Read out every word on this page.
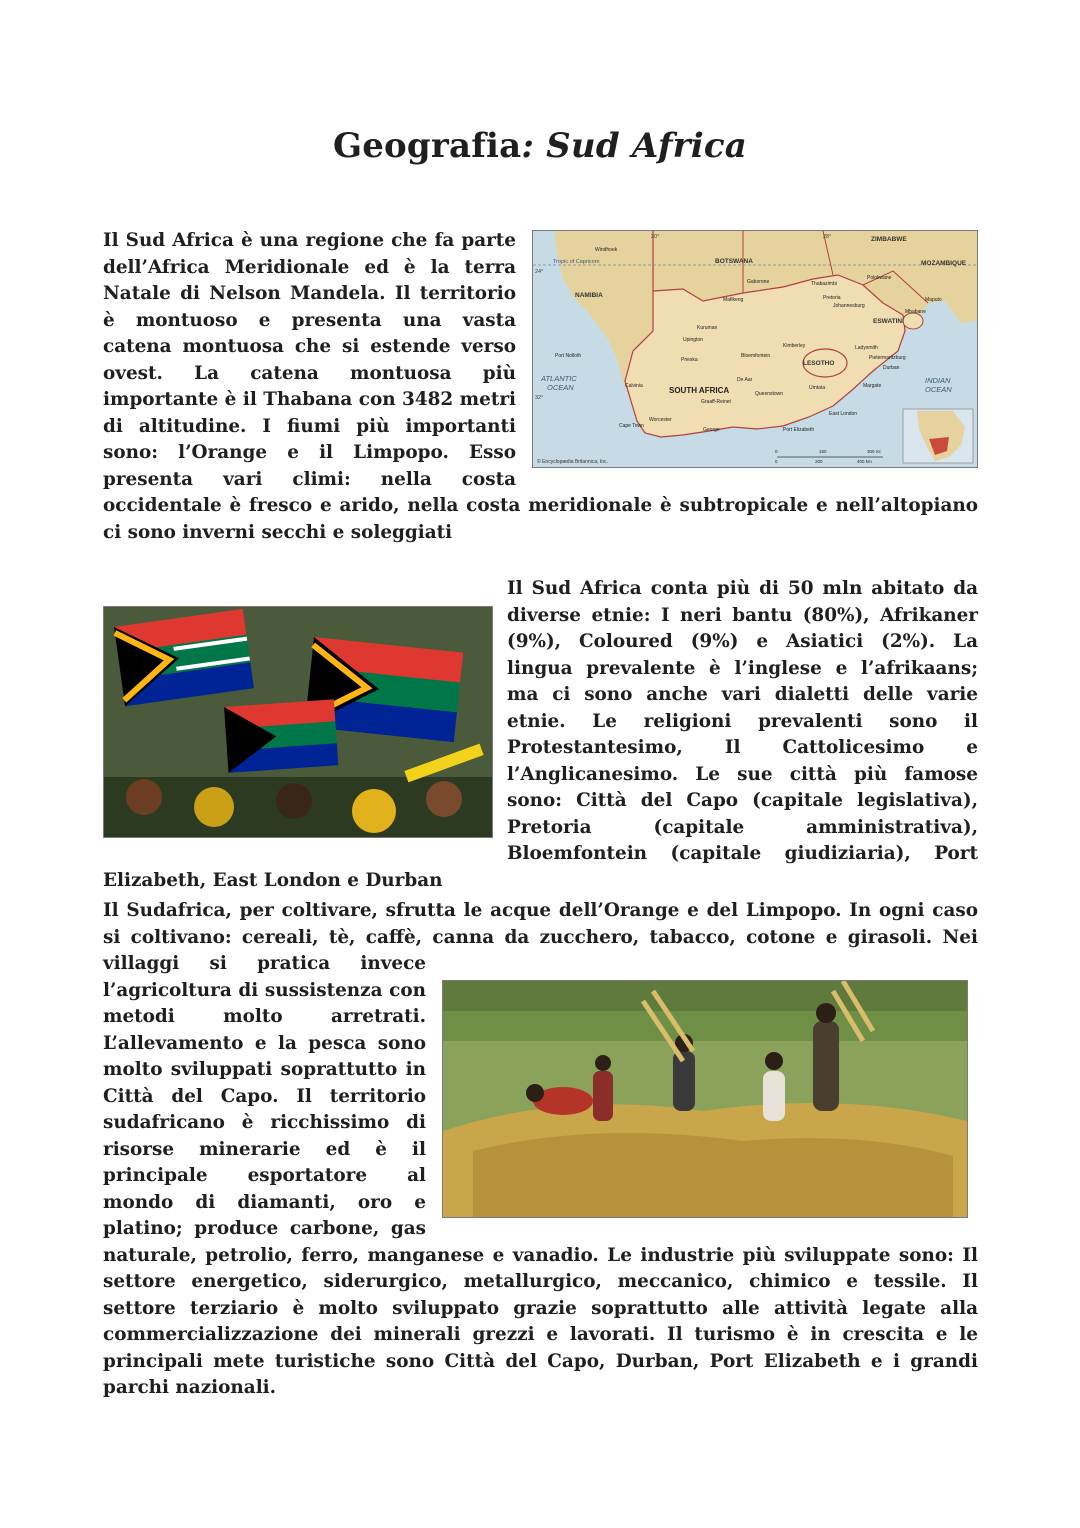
Geografia: Sud Africa
ZIMBABWE
BOTSWANA
NAMIBIA
MOZAMBIQUE
SOUTH AFRICA
LESOTHO
ESWATINI
ATLANTIC
OCEAN
INDIAN
OCEAN
Tropic of Capricorn
20°	28°
24°
32°
Windhoek
Gaborone
Pretoria
Johannesburg
Kimberley
Bloemfontein
Upington
Durban
Port Nolloth
Cape Town
Port Elizabeth
East London
Mafikeng
Polokwane
Maputo
Calvinia
George
De Aar
Margate
Kuruman
Pietermaritzburg
Ladysmith
Mbabane
Thabazimbi
Graaff-Reinet
Worcester
Prieska
Queenstown
Umtata
0	150	300 mi
0	200	400 km
© Encyclopædia Britannica, Inc.

Il Sud Africa è una regione che fa parte dell’Africa Meridionale ed è la terra Natale di Nelson Mandela. Il territorio è montuoso e presenta una vasta catena montuosa che si estende verso ovest. La catena montuosa più importante è il Thabana con 3482 metri di altitudine. I fiumi più importanti sono: l’Orange e il Limpopo. Esso presenta vari climi: nella costa occidentale è fresco e arido, nella costa meridionale è subtropicale e nell’altopiano ci sono inverni secchi e soleggiati

Il Sud Africa conta più di 50 mln abitato da diverse etnie: I neri bantu (80%), Afrikaner (9%), Coloured (9%) e Asiatici (2%). La lingua prevalente è l’inglese e l’afrikaans; ma ci sono anche vari dialetti delle varie etnie. Le religioni prevalenti sono il Protestantesimo, Il Cattolicesimo e l’Anglicanesimo. Le sue città più famose sono: Città del Capo (capitale legislativa), Pretoria (capitale amministrativa), Bloemfontein (capitale giudiziaria), Port Elizabeth, East London e Durban

Il Sudafrica, per coltivare, sfrutta le acque dell’Orange e del Limpopo. In ogni caso si coltivano: cereali, tè, caffè, canna da zucchero, tabacco, cotone e girasoli. Nei villaggi si pratica invece l’agricoltura di sussistenza con metodi molto arretrati. L’allevamento e la pesca sono molto sviluppati soprattutto in Città del Capo. Il territorio sudafricano è ricchissimo di risorse minerarie ed è il principale esportatore al mondo di diamanti, oro e platino; produce carbone, gas naturale, petrolio, ferro, manganese e vanadio. Le industrie più sviluppate sono: Il settore energetico, siderurgico, metallurgico, meccanico, chimico e tessile. Il settore terziario è molto sviluppato grazie soprattutto alle attività legate alla commercializzazione dei minerali grezzi e lavorati. Il turismo è in crescita e le principali mete turistiche sono Città del Capo, Durban, Port Elizabeth e i grandi parchi nazionali.
